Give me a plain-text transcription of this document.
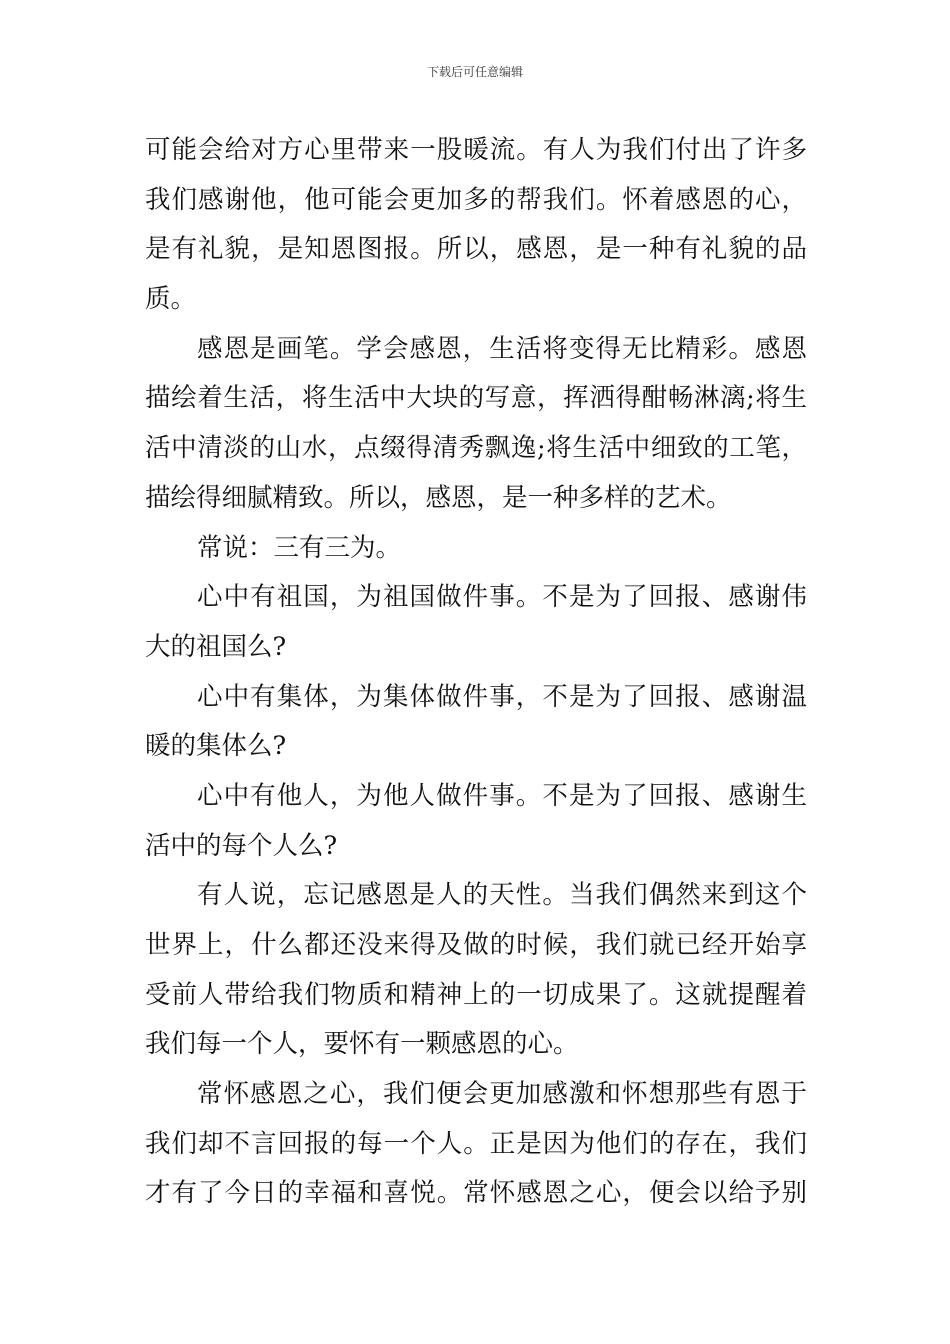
下载后可任意编辑
可能会给对方心里带来一股暖流。有人为我们付出了许多
我们感谢他，他可能会更加多的帮我们。怀着感恩的心，
是有礼貌，是知恩图报。所以，感恩，是一种有礼貌的品
质。
感恩是画笔。学会感恩，生活将变得无比精彩。感恩
描绘着生活，将生活中大块的写意，挥洒得酣畅淋漓;将生
活中清淡的山水，点缀得清秀飘逸;将生活中细致的工笔，
描绘得细腻精致。所以，感恩，是一种多样的艺术。
常说：三有三为。
心中有祖国，为祖国做件事。不是为了回报、感谢伟
大的祖国么?
心中有集体，为集体做件事，不是为了回报、感谢温
暖的集体么?
心中有他人，为他人做件事。不是为了回报、感谢生
活中的每个人么?
有人说，忘记感恩是人的天性。当我们偶然来到这个
世界上，什么都还没来得及做的时候，我们就已经开始享
受前人带给我们物质和精神上的一切成果了。这就提醒着
我们每一个人，要怀有一颗感恩的心。
常怀感恩之心，我们便会更加感激和怀想那些有恩于
我们却不言回报的每一个人。正是因为他们的存在，我们
才有了今日的幸福和喜悦。常怀感恩之心，便会以给予别
